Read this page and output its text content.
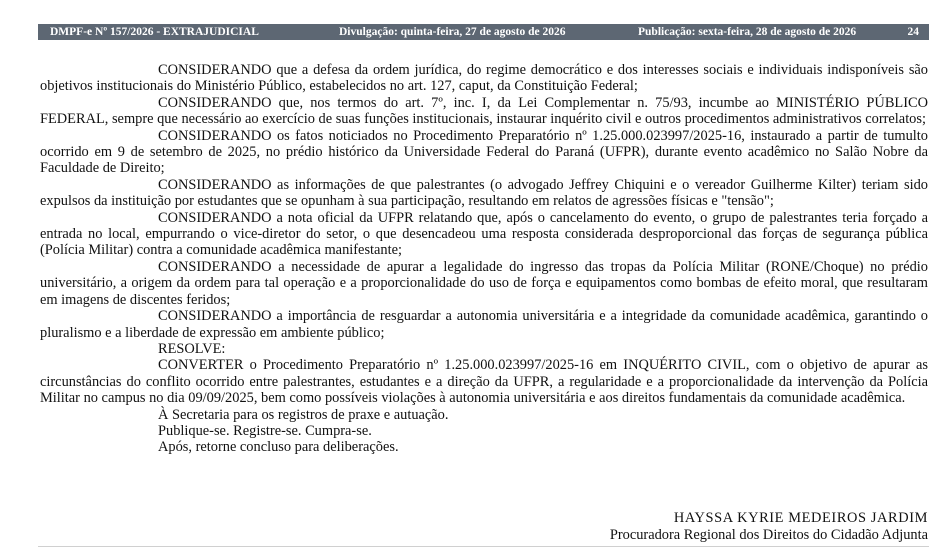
DMPF-e Nº 157/2026 - EXTRAJUDICIAL	Divulgação: quinta-feira, 27 de agosto de 2026	Publicação: sexta-feira, 28 de agosto de 2026	24

CONSIDERANDO que a defesa da ordem jurídica, do regime democrático e dos interesses sociais e individuais indisponíveis são objetivos institucionais do Ministério Público, estabelecidos no art. 127, caput, da Constituição Federal;

CONSIDERANDO que, nos termos do art. 7º, inc. I, da Lei Complementar n. 75/93, incumbe ao MINISTÉRIO PÚBLICO FEDERAL, sempre que necessário ao exercício de suas funções institucionais, instaurar inquérito civil e outros procedimentos administrativos correlatos;

CONSIDERANDO os fatos noticiados no Procedimento Preparatório nº 1.25.000.023997/2025-16, instaurado a partir de tumulto ocorrido em 9 de setembro de 2025, no prédio histórico da Universidade Federal do Paraná (UFPR), durante evento acadêmico no Salão Nobre da Faculdade de Direito;

CONSIDERANDO as informações de que palestrantes (o advogado Jeffrey Chiquini e o vereador Guilherme Kilter) teriam sido expulsos da instituição por estudantes que se opunham à sua participação, resultando em relatos de agressões físicas e "tensão";

CONSIDERANDO a nota oficial da UFPR relatando que, após o cancelamento do evento, o grupo de palestrantes teria forçado a entrada no local, empurrando o vice-diretor do setor, o que desencadeou uma resposta considerada desproporcional das forças de segurança pública (Polícia Militar) contra a comunidade acadêmica manifestante;

CONSIDERANDO a necessidade de apurar a legalidade do ingresso das tropas da Polícia Militar (RONE/Choque) no prédio universitário, a origem da ordem para tal operação e a proporcionalidade do uso de força e equipamentos como bombas de efeito moral, que resultaram em imagens de discentes feridos;

CONSIDERANDO a importância de resguardar a autonomia universitária e a integridade da comunidade acadêmica, garantindo o pluralismo e a liberdade de expressão em ambiente público;

RESOLVE:

CONVERTER o Procedimento Preparatório nº 1.25.000.023997/2025-16 em INQUÉRITO CIVIL, com o objetivo de apurar as circunstâncias do conflito ocorrido entre palestrantes, estudantes e a direção da UFPR, a regularidade e a proporcionalidade da intervenção da Polícia Militar no campus no dia 09/09/2025, bem como possíveis violações à autonomia universitária e aos direitos fundamentais da comunidade acadêmica.

À Secretaria para os registros de praxe e autuação.

Publique-se. Registre-se. Cumpra-se.

Após, retorne concluso para deliberações.

HAYSSA KYRIE MEDEIROS JARDIM
Procuradora Regional dos Direitos do Cidadão Adjunta
